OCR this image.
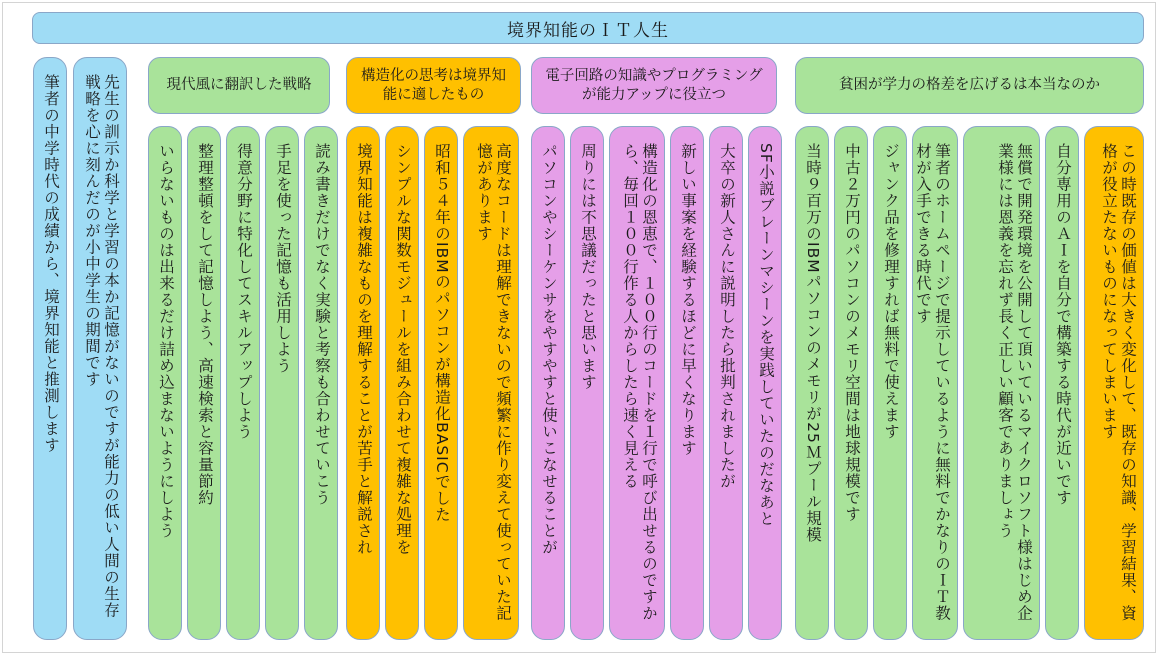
境界知能のＩＴ人生
筆者の中学時代の成績から、境界知能と推測します	先生の訓示か科学と学習の本か記憶がないのですが能力の低い人間の生存戦略を心に刻んだのが小中学生の期間です	現代風に翻訳した戦略
いらないものは出来るだけ詰め込まないようにしよう	整理整頓をして記憶しよう、高速検索と容量節約	得意分野に特化してスキルアップしよう	手足を使った記憶も活用しよう	読み書きだけでなく実験と考察も合わせていこう
構造化の思考は境界知能に適したもの
境界知能は複雑なものを理解することが苦手と解説され	シンプルな関数モジュールを組み合わせて複雑な処理を	昭和５４年のIBMのパソコンが構造化BASICでした	高度なコードは理解できないので頻繁に作り変えて使っていた記憶があります
電子回路の知識やプログラミングが能力アップに役立つ
パソコンやシーケンサをやすやすと使いこなせることが	周りには不思議だったと思います	構造化の恩恵で、１００行のコードを１行で呼び出せるのですから、毎回１００行作る人からしたら速く見える	新しい事案を経験するほどに早くなります	大卒の新人さんに説明したら批判されましたが	SF小説ブレーンマシーンを実践していたのだなあと
貧困が学力の格差を広げるは本当なのか
当時９百万のIBMパソコンのメモリが25Ｍプール規模	中古２万円のパソコンのメモリ空間は地球規模です	ジャンク品を修理すれば無料で使えます	筆者のホームページで提示しているように無料でかなりのＩＴ教材が入手できる時代です	無償で開発環境を公開して頂いているマイクロソフト様はじめ企業様には恩義を忘れず長く正しい顧客でありましょう	自分専用のＡＩを自分で構築する時代が近いです	この時既存の価値は大きく変化して、既存の知識、学習結果、資格が役立たないものになってしまいます
